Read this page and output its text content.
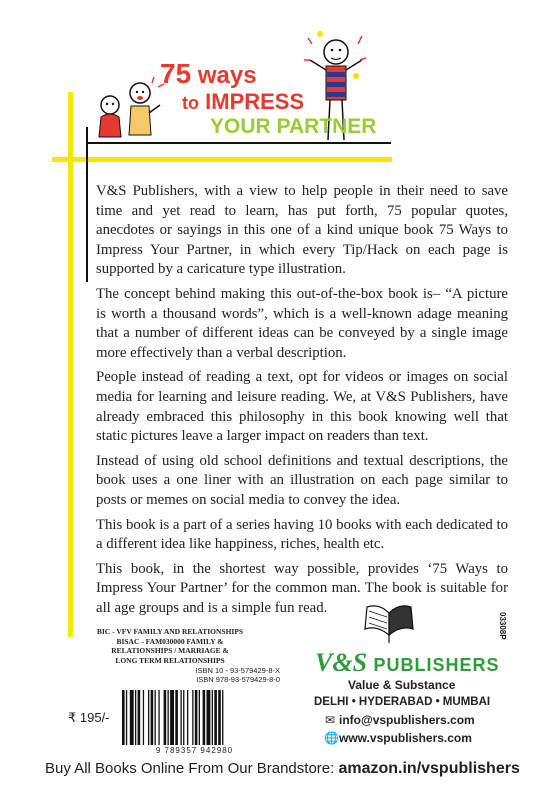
75 ways
to IMPRESS
YOUR PARTNER

V&S Publishers, with a view to help people in their need to save time and yet read to learn, has put forth, 75 popular quotes, anecdotes or sayings in this one of a kind unique book 75 Ways to Impress Your Partner, in which every Tip/Hack on each page is supported by a caricature type illustration.

The concept behind making this out-of-the-box book is– “A picture is worth a thousand words”, which is a well-known adage meaning that a number of different ideas can be conveyed by a single image more effectively than a verbal description.

People instead of reading a text, opt for videos or images on social media for learning and leisure reading. We, at V&S Publishers, have already embraced this philosophy in this book knowing well that static pictures leave a larger impact on readers than text.

Instead of using old school definitions and textual descriptions, the book uses a one liner with an illustration on each page similar to posts or memes on social media to convey the idea.

This book is a part of a series having 10 books with each dedicated to a different idea like happiness, riches, health etc.

This book, in the shortest way possible, provides ‘75 Ways to Impress Your Partner’ for the common man. The book is suitable for all age groups and is a simple fun read.

BIC - VFV FAMILY AND RELATIONSHIPS
BISAC - FAM030000 FAMILY &
RELATIONSHIPS / MARRIAGE &
LONG TERM RELATIONSHIPS
ISBN 10 - 93-579429-8-X
ISBN 978-93-579429-8-0
9 789357 942980
₹ 195/-
V&S PUBLISHERS
Value & Substance
DELHI • HYDERABAD • MUMBAI
✉ info@vspublishers.com
🌐www.vspublishers.com
03308P
Buy All Books Online From Our Brandstore: amazon.in/vspublishers
